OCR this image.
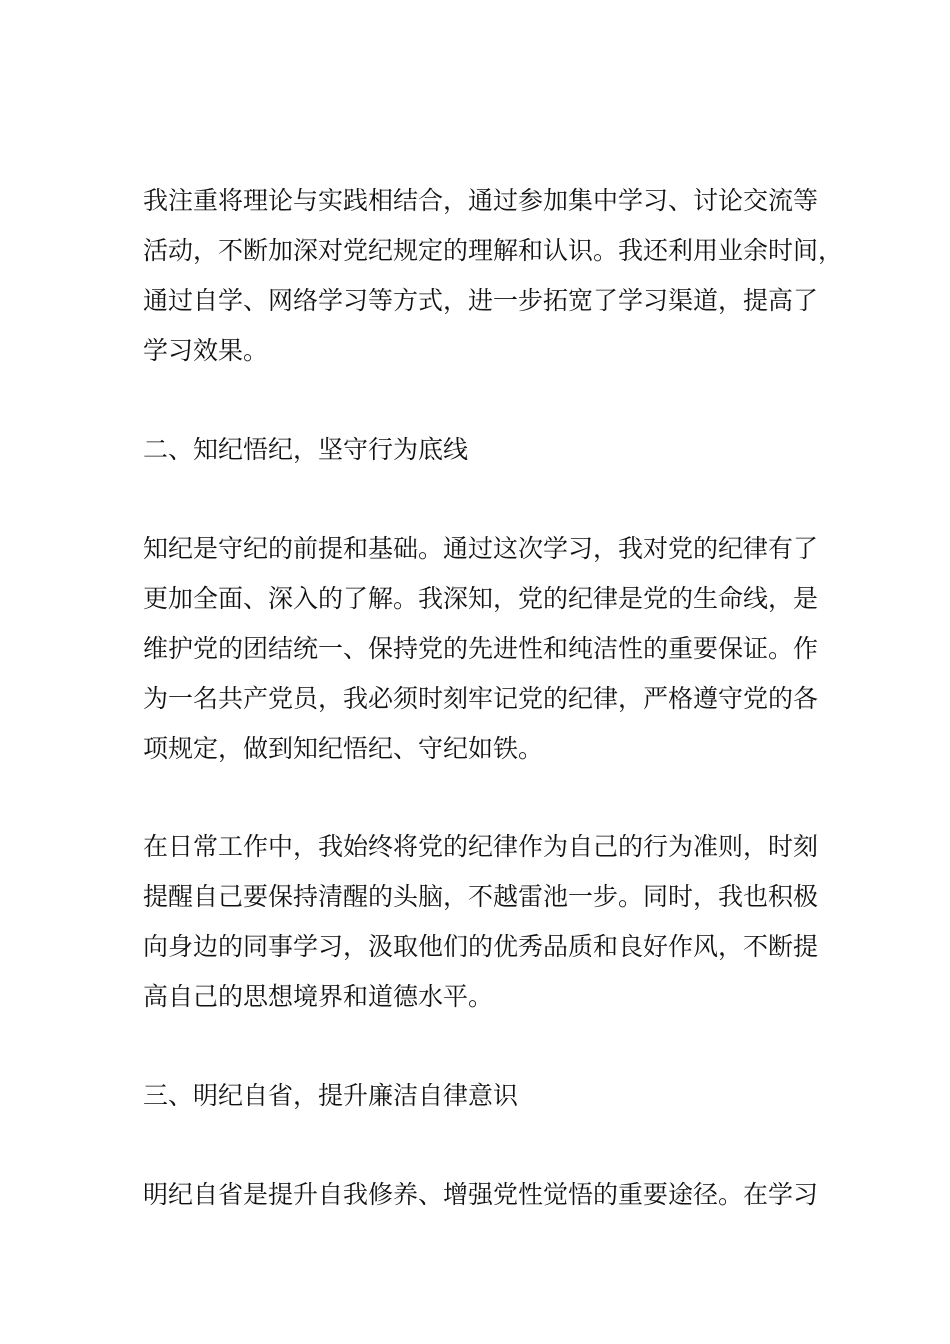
我注重将理论与实践相结合，通过参加集中学习、讨论交流等
活动，不断加深对党纪规定的理解和认识。我还利用业余时间，
通过自学、网络学习等方式，进一步拓宽了学习渠道，提高了
学习效果。
二、知纪悟纪，坚守行为底线
知纪是守纪的前提和基础。通过这次学习，我对党的纪律有了
更加全面、深入的了解。我深知，党的纪律是党的生命线，是
维护党的团结统一、保持党的先进性和纯洁性的重要保证。作
为一名共产党员，我必须时刻牢记党的纪律，严格遵守党的各
项规定，做到知纪悟纪、守纪如铁。
在日常工作中，我始终将党的纪律作为自己的行为准则，时刻
提醒自己要保持清醒的头脑，不越雷池一步。同时，我也积极
向身边的同事学习，汲取他们的优秀品质和良好作风，不断提
高自己的思想境界和道德水平。
三、明纪自省，提升廉洁自律意识
明纪自省是提升自我修养、增强党性觉悟的重要途径。在学习
